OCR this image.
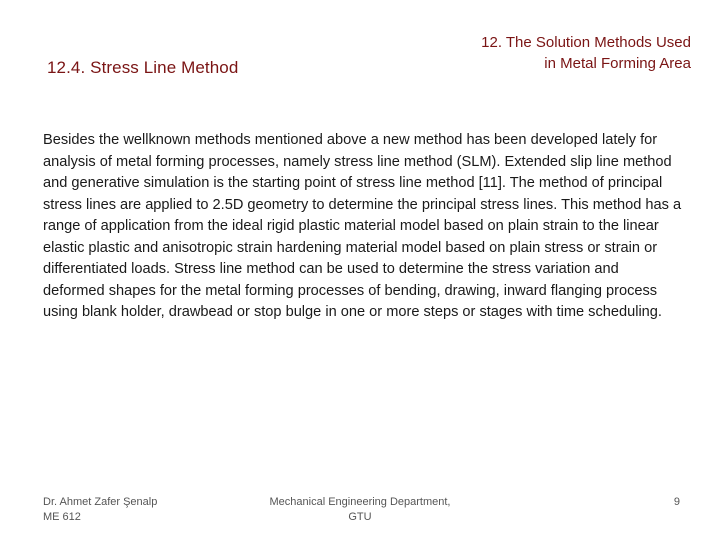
12.4. Stress Line Method
12. The Solution Methods Used
in Metal Forming Area
Besides the wellknown methods mentioned above a new method has been developed lately for analysis of metal forming processes, namely stress line method (SLM). Extended slip line method and generative simulation is the starting point of stress line method [11]. The method of principal stress lines are applied to 2.5D geometry to determine the principal stress lines. This method has a range of application from the ideal rigid plastic material model based on plain strain to the linear elastic plastic and anisotropic strain hardening material model based on plain stress or strain or differentiated loads. Stress line method can be used to determine the stress variation and deformed shapes for the metal forming processes of bending, drawing, inward flanging process using blank holder, drawbead or stop bulge in one or more steps or stages with time scheduling.
Dr. Ahmet Zafer Şenalp
ME 612
Mechanical Engineering Department,
GTU
9
